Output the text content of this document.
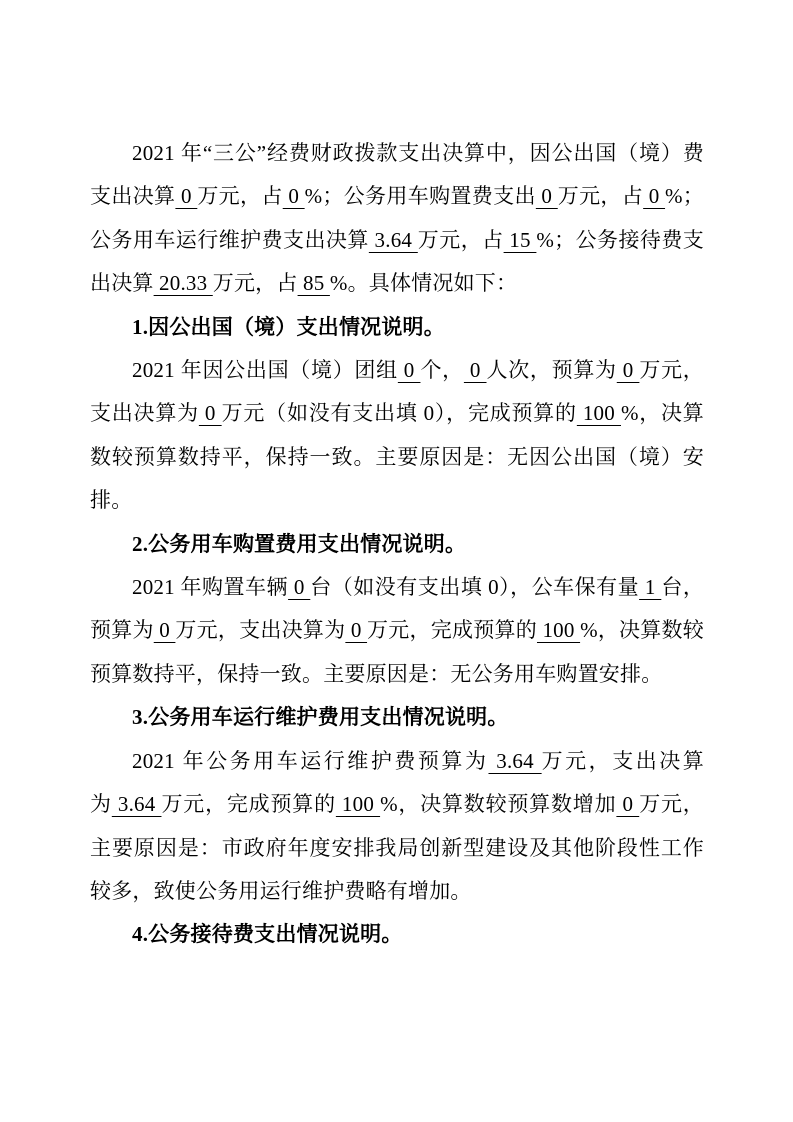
2021 年“三公”经费财政拨款支出决算中，因公出国（境）费支出决算 0 万元，占 0 %；公务用车购置费支出 0 万元，占 0 %；公务用车运行维护费支出决算 3.64 万元，占 15 %；公务接待费支出决算 20.33 万元，占 85 %。具体情况如下：

1.因公出国（境）支出情况说明。

2021 年因公出国（境）团组 0 个， 0 人次，预算为 0 万元，支出决算为 0 万元（如没有支出填 0），完成预算的 100 %，决算数较预算数持平，保持一致。主要原因是：无因公出国（境）安排。

2.公务用车购置费用支出情况说明。

2021 年购置车辆 0 台（如没有支出填 0），公车保有量 1 台，预算为 0 万元，支出决算为 0 万元，完成预算的 100 %，决算数较预算数持平，保持一致。主要原因是：无公务用车购置安排。

3.公务用车运行维护费用支出情况说明。

2021 年公务用车运行维护费预算为 3.64 万元，支出决算为 3.64 万元，完成预算的 100 %，决算数较预算数增加 0 万元，主要原因是：市政府年度安排我局创新型建设及其他阶段性工作较多，致使公务用运行维护费略有增加。

4.公务接待费支出情况说明。
